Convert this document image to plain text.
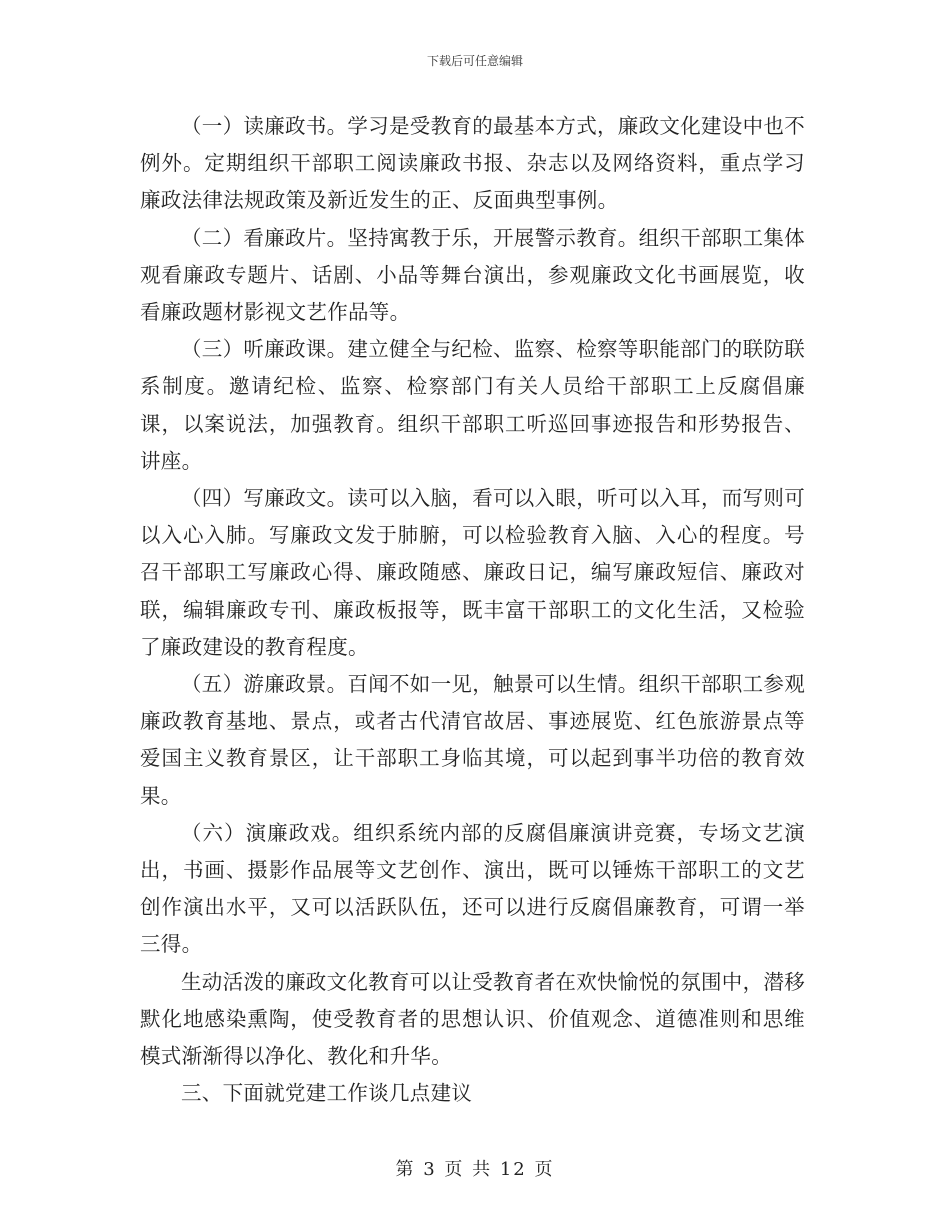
下载后可任意编辑

（一）读廉政书。学习是受教育的最基本方式，廉政文化建设中也不例外。定期组织干部职工阅读廉政书报、杂志以及网络资料，重点学习廉政法律法规政策及新近发生的正、反面典型事例。

（二）看廉政片。坚持寓教于乐，开展警示教育。组织干部职工集体观看廉政专题片、话剧、小品等舞台演出，参观廉政文化书画展览，收看廉政题材影视文艺作品等。

（三）听廉政课。建立健全与纪检、监察、检察等职能部门的联防联系制度。邀请纪检、监察、检察部门有关人员给干部职工上反腐倡廉课，以案说法，加强教育。组织干部职工听巡回事迹报告和形势报告、讲座。

（四）写廉政文。读可以入脑，看可以入眼，听可以入耳，而写则可以入心入肺。写廉政文发于肺腑，可以检验教育入脑、入心的程度。号召干部职工写廉政心得、廉政随感、廉政日记，编写廉政短信、廉政对联，编辑廉政专刊、廉政板报等，既丰富干部职工的文化生活，又检验了廉政建设的教育程度。

（五）游廉政景。百闻不如一见，触景可以生情。组织干部职工参观廉政教育基地、景点，或者古代清官故居、事迹展览、红色旅游景点等爱国主义教育景区，让干部职工身临其境，可以起到事半功倍的教育效果。

（六）演廉政戏。组织系统内部的反腐倡廉演讲竞赛，专场文艺演出，书画、摄影作品展等文艺创作、演出，既可以锤炼干部职工的文艺创作演出水平，又可以活跃队伍，还可以进行反腐倡廉教育，可谓一举三得。

生动活泼的廉政文化教育可以让受教育者在欢快愉悦的氛围中，潜移默化地感染熏陶，使受教育者的思想认识、价值观念、道德准则和思维模式渐渐得以净化、教化和升华。

三、下面就党建工作谈几点建议

第 3 页 共 12 页
